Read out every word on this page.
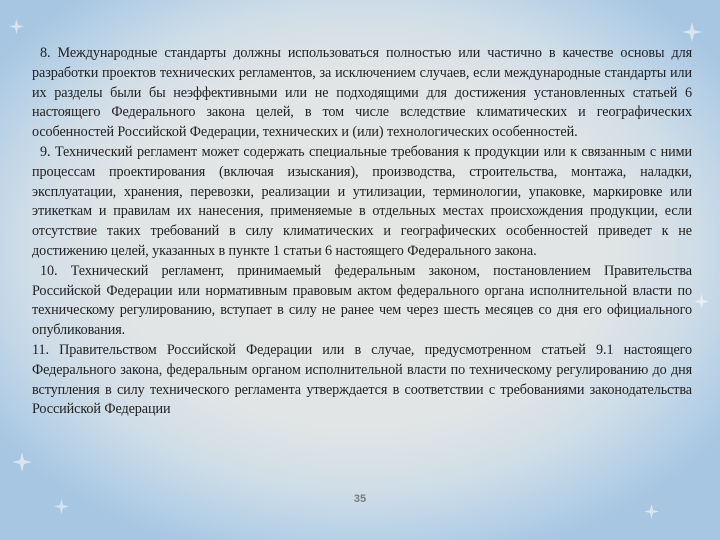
8. Международные стандарты должны использоваться полностью или частично в качестве основы для разработки проектов технических регламентов, за исключением случаев, если международные стандарты или их разделы были бы неэффективными или не подходящими для достижения установленных статьей 6 настоящего Федерального закона целей, в том числе вследствие климатических и географических особенностей Российской Федерации, технических и (или) технологических особенностей.

9. Технический регламент может содержать специальные требования к продукции или к связанным с ними процессам проектирования (включая изыскания), производства, строительства, монтажа, наладки, эксплуатации, хранения, перевозки, реализации и утилизации, терминологии, упаковке, маркировке или этикеткам и правилам их нанесения, применяемые в отдельных местах происхождения продукции, если отсутствие таких требований в силу климатических и географических особенностей приведет к не достижению целей, указанных в пункте 1 статьи 6 настоящего Федерального закона.

10. Технический регламент, принимаемый федеральным законом, постановлением Правительства Российской Федерации или нормативным правовым актом федерального органа исполнительной власти по техническому регулированию, вступает в силу не ранее чем через шесть месяцев со дня его официального опубликования.

11. Правительством Российской Федерации или в случае, предусмотренном статьей 9.1 настоящего Федерального закона, федеральным органом исполнительной власти по техническому регулированию до дня вступления в силу технического регламента утверждается в соответствии с требованиями законодательства Российской Федерации

35
